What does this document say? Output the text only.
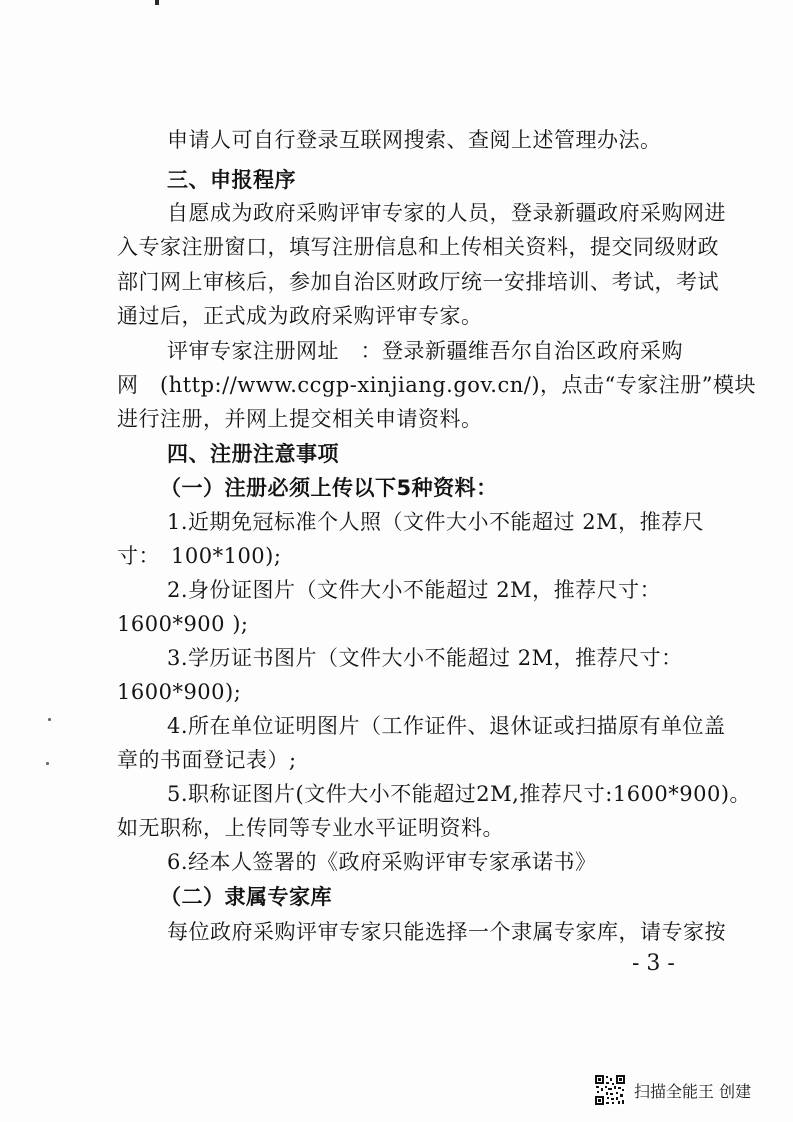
申请人可自行登录互联网搜索、查阅上述管理办法。
三、申报程序
自愿成为政府采购评审专家的人员，登录新疆政府采购网进
入专家注册窗口，填写注册信息和上传相关资料，提交同级财政
部门网上审核后，参加自治区财政厅统一安排培训、考试，考试
通过后，正式成为政府采购评审专家。
评审专家注册网址　：登录新疆维吾尔自治区政府采购
网　(http://www.ccgp-xinjiang.gov.cn/)，点击“专家注册”模块
进行注册，并网上提交相关申请资料。
四、注册注意事项
（一）注册必须上传以下5种资料：
1.近期免冠标准个人照（文件大小不能超过 2M，推荐尺
寸：　100*100);
2.身份证图片（文件大小不能超过 2M，推荐尺寸：
1600*900 );
3.学历证书图片（文件大小不能超过 2M，推荐尺寸：
1600*900);
4.所在单位证明图片（工作证件、退休证或扫描原有单位盖
章的书面登记表）;
5.职称证图片(文件大小不能超过2M,推荐尺寸:1600*900)。
如无职称，上传同等专业水平证明资料。
6.经本人签署的《政府采购评审专家承诺书》
（二）隶属专家库
每位政府采购评审专家只能选择一个隶属专家库，请专家按
- 3 -
扫描全能王 创建
